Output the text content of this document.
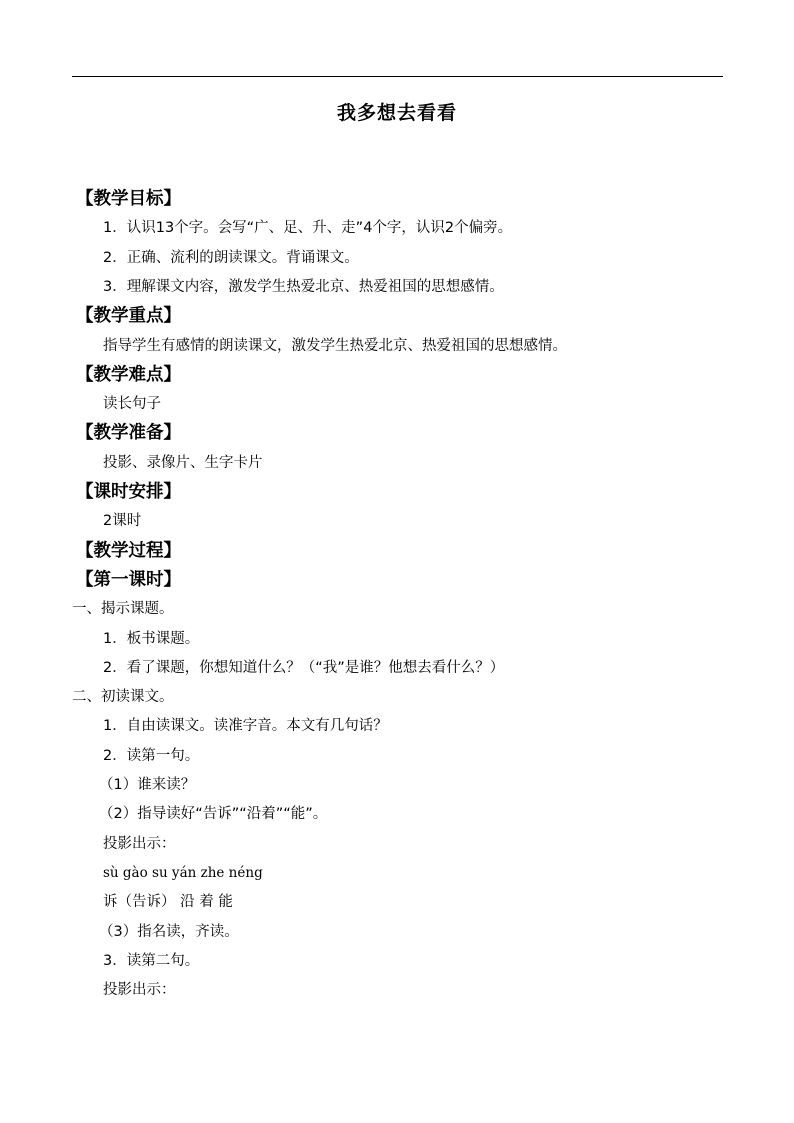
我多想去看看
【教学目标】
1．认识13个字。会写“广、足、升、走”4个字，认识2个偏旁。
2．正确、流利的朗读课文。背诵课文。
3．理解课文内容，激发学生热爱北京、热爱祖国的思想感情。
【教学重点】
指导学生有感情的朗读课文，激发学生热爱北京、热爱祖国的思想感情。
【教学难点】
读长句子
【教学准备】
投影、录像片、生字卡片
【课时安排】
2课时
【教学过程】
【第一课时】
一、揭示课题。
1．板书课题。
2．看了课题，你想知道什么？（“我”是谁？他想去看什么？）
二、初读课文。
1．自由读课文。读准字音。本文有几句话？
2．读第一句。
（1）谁来读？
（2）指导读好“告诉”“沿着”“能”。
投影出示：
sù gào su yán zhe néng
诉（告诉） 沿 着 能
（3）指名读，齐读。
3．读第二句。
投影出示：
